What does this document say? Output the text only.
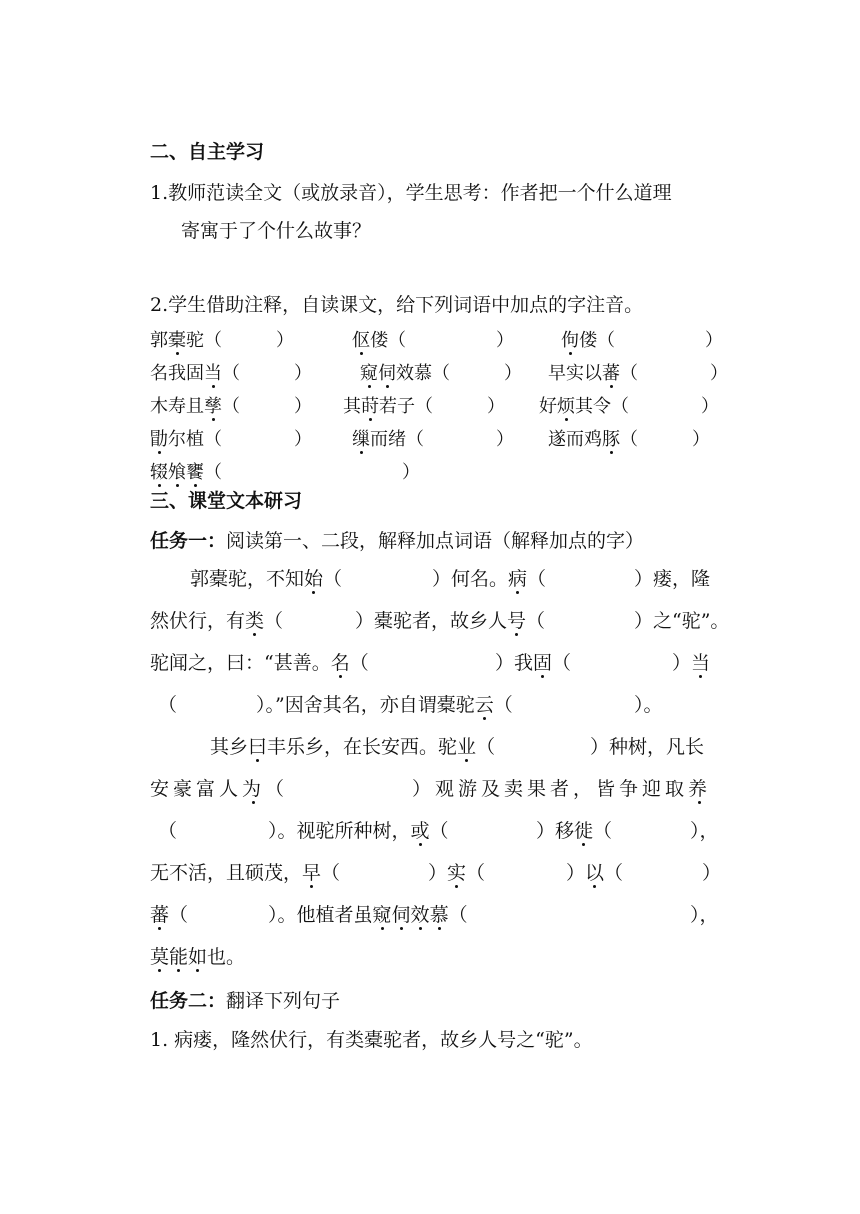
二、自主学习
1.教师范读全文（或放录音），学生思考：作者把一个什么道理
寄寓于了个什么故事？
2.学生借助注释，自读课文，给下列词语中加点的字注音。
郭橐驼（　　　）	伛偻（　　　　　）	佝偻（　　　　　）
名我固当（　　　）	窥伺效慕（　　　） 早实以蕃（　　　　）
木寿且孳（　　　） 其莳若子（　　　） 好烦其令（　　　　）
勖尔植（　　　　） 缫而绪（　　　　） 遂而鸡豚（　　　）
辍飧饔（　　　　　　　　　　）
三、课堂文本研习
任务一：阅读第一、二段，解释加点词语（解释加点的字）
郭橐驼，不知始（	）何名。病（	）瘘，隆
然伏行，有类（	）橐驼者，故乡人号（	）之“驼”。
驼闻之，曰：“甚善。名（	）我固（	）当
（	）。”因舍其名，亦自谓橐驼云（	）。
其乡曰丰乐乡，在长安西。驼业（	）种树，凡长
安豪富人为（	）观游及卖果者，皆争迎取养
（	）。视驼所种树，或（	）移徙（	），
无不活，且硕茂，早（	）实（	）以（	）
蕃（	）。他植者虽窥伺效慕（	），
莫能如也。
任务二：翻译下列句子
1. 病瘘，隆然伏行，有类橐驼者，故乡人号之“驼”。
